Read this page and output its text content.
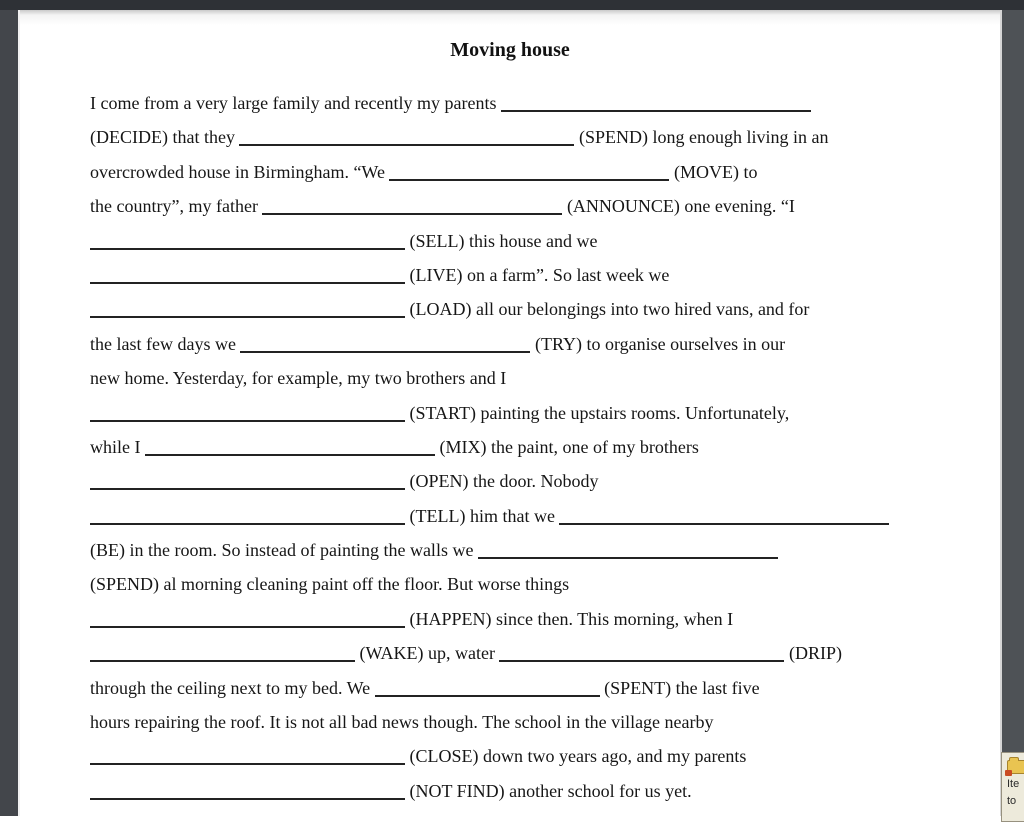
Moving house
I come from a very large family and recently my parents
(DECIDE) that they	(SPEND) long enough living in an
overcrowded house in Birmingham. “We	(MOVE) to
the country”, my father	(ANNOUNCE) one evening. “I
(SELL) this house and we
(LIVE) on a farm”. So last week we
(LOAD) all our belongings into two hired vans, and for
the last few days we	(TRY) to organise ourselves in our
new home. Yesterday, for example, my two brothers and I
(START) painting the upstairs rooms. Unfortunately,
while I	(MIX) the paint, one of my brothers
(OPEN) the door. Nobody
(TELL) him that we
(BE) in the room. So instead of painting the walls we
(SPEND) al morning cleaning paint off the floor. But worse things
(HAPPEN) since then. This morning, when I
(WAKE) up, water	(DRIP)
through the ceiling next to my bed. We	(SPENT) the last five
hours repairing the roof. It is not all bad news though. The school in the village nearby
(CLOSE) down two years ago, and my parents
(NOT FIND) another school for us yet.	Ite
to
